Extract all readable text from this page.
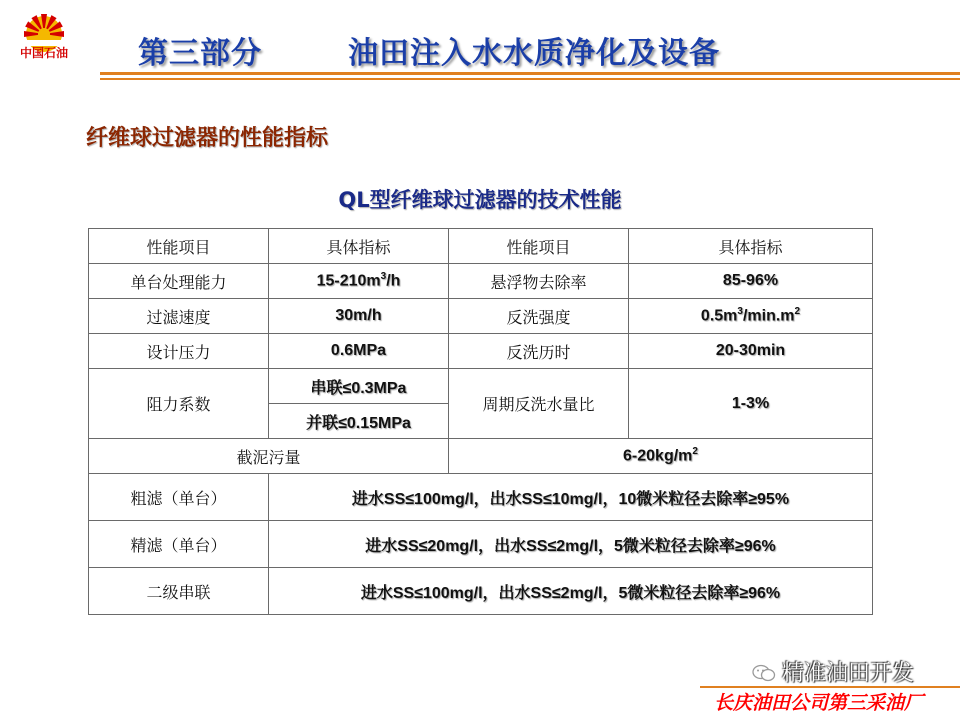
中国石油 第三部分	油田注入水水质净化及设备
纤维球过滤器的性能指标
QL型纤维球过滤器的技术性能
性能项目	具体指标	性能项目	具体指标
单台处理能力	$15-210m^3/h$	悬浮物去除率	85-96%
过滤速度	30m/h	反洗强度	$0.5m^3/\min.m^2$
设计压力	0.6MPa	反洗历时	20-30min
阻力系数	串联≤0.3MPa	周期反洗水量比	1-3%
	并联≤0.15MPa		
截泥污量		$6-20kg/m^2$
粗滤（单台）	进水SS≤100mg/l，出水SS≤10mg/l，10微米粒径去除率≥95%		
精滤（单台）	进水SS≤20mg/l，出水SS≤2mg/l，5微米粒径去除率≥96%		
二级串联	进水SS≤100mg/l，出水SS≤2mg/l，5微米粒径去除率≥96%		
精准油田开发
长庆油田公司第三采油厂
